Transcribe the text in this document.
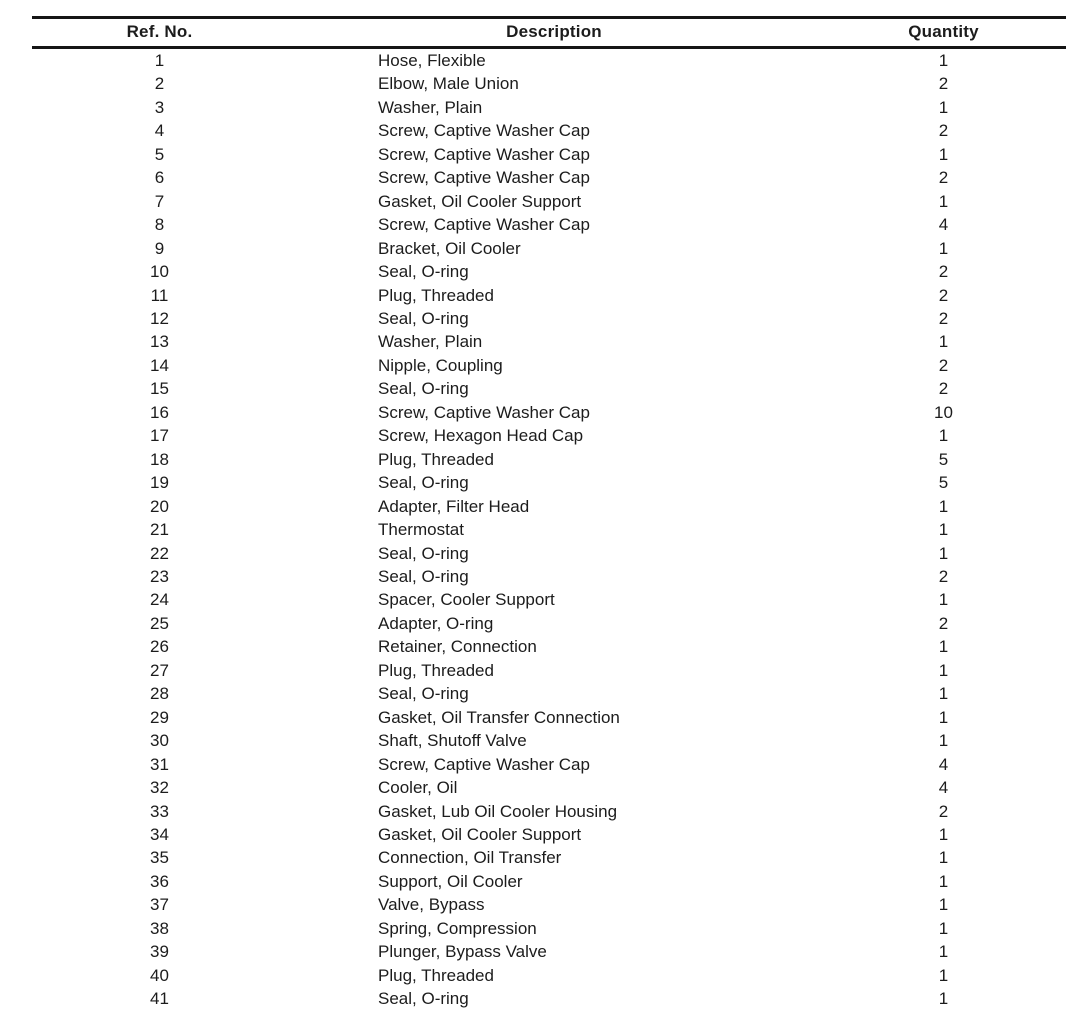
Ref. No.	Description	Quantity
1	Hose, Flexible	1
2	Elbow, Male Union	2
3	Washer, Plain	1
4	Screw, Captive Washer Cap	2
5	Screw, Captive Washer Cap	1
6	Screw, Captive Washer Cap	2
7	Gasket, Oil Cooler Support	1
8	Screw, Captive Washer Cap	4
9	Bracket, Oil Cooler	1
10	Seal, O-ring	2
11	Plug, Threaded	2
12	Seal, O-ring	2
13	Washer, Plain	1
14	Nipple, Coupling	2
15	Seal, O-ring	2
16	Screw, Captive Washer Cap	10
17	Screw, Hexagon Head Cap	1
18	Plug, Threaded	5
19	Seal, O-ring	5
20	Adapter, Filter Head	1
21	Thermostat	1
22	Seal, O-ring	1
23	Seal, O-ring	2
24	Spacer, Cooler Support	1
25	Adapter, O-ring	2
26	Retainer, Connection	1
27	Plug, Threaded	1
28	Seal, O-ring	1
29	Gasket, Oil Transfer Connection	1
30	Shaft, Shutoff Valve	1
31	Screw, Captive Washer Cap	4
32	Cooler, Oil	4
33	Gasket, Lub Oil Cooler Housing	2
34	Gasket, Oil Cooler Support	1
35	Connection, Oil Transfer	1
36	Support, Oil Cooler	1
37	Valve, Bypass	1
38	Spring, Compression	1
39	Plunger, Bypass Valve	1
40	Plug, Threaded	1
41	Seal, O-ring	1
